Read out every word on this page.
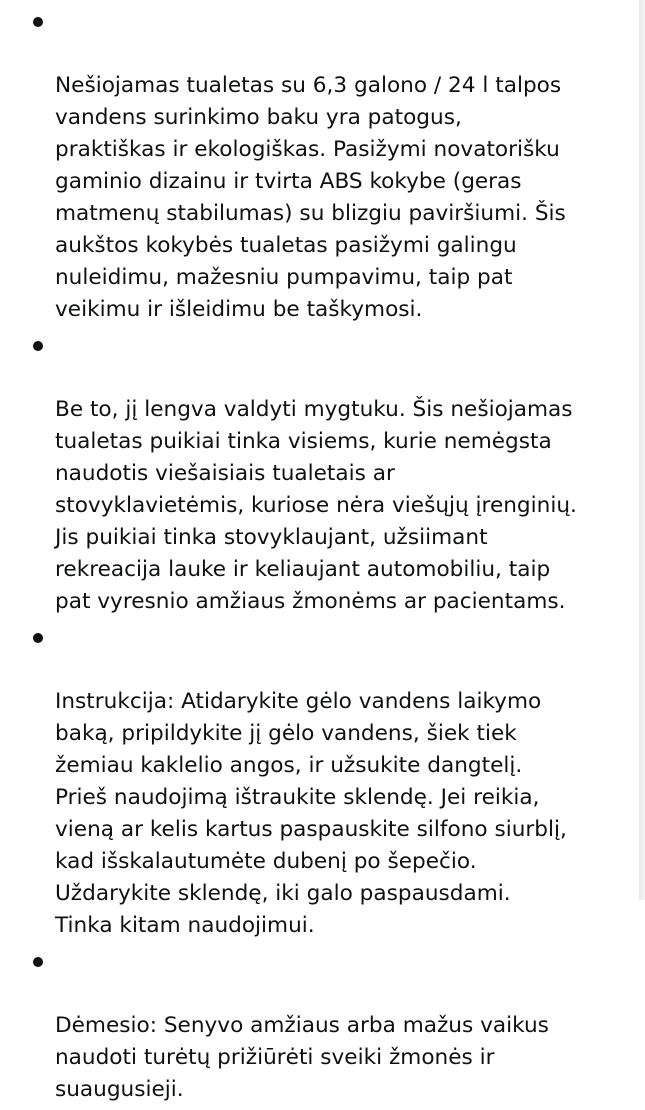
Nešiojamas tualetas su 6,3 galono / 24 l talpos
vandens surinkimo baku yra patogus,
praktiškas ir ekologiškas. Pasižymi novatorišku
gaminio dizainu ir tvirta ABS kokybe (geras
matmenų stabilumas) su blizgiu paviršiumi. Šis
aukštos kokybės tualetas pasižymi galingu
nuleidimu, mažesniu pumpavimu, taip pat
veikimu ir išleidimu be taškymosi.

Be to, jį lengva valdyti mygtuku. Šis nešiojamas
tualetas puikiai tinka visiems, kurie nemėgsta
naudotis viešaisiais tualetais ar
stovyklavietėmis, kuriose nėra viešųjų įrenginių.
Jis puikiai tinka stovyklaujant, užsiimant
rekreacija lauke ir keliaujant automobiliu, taip
pat vyresnio amžiaus žmonėms ar pacientams.

Instrukcija: Atidarykite gėlo vandens laikymo
baką, pripildykite jį gėlo vandens, šiek tiek
žemiau kaklelio angos, ir užsukite dangtelį.
Prieš naudojimą ištraukite sklendę. Jei reikia,
vieną ar kelis kartus paspauskite silfono siurblį,
kad išskalautumėte dubenį po šepečio.
Uždarykite sklendę, iki galo paspausdami.
Tinka kitam naudojimui.

Dėmesio: Senyvo amžiaus arba mažus vaikus
naudoti turėtų prižiūrėti sveiki žmonės ir
suaugusieji.
